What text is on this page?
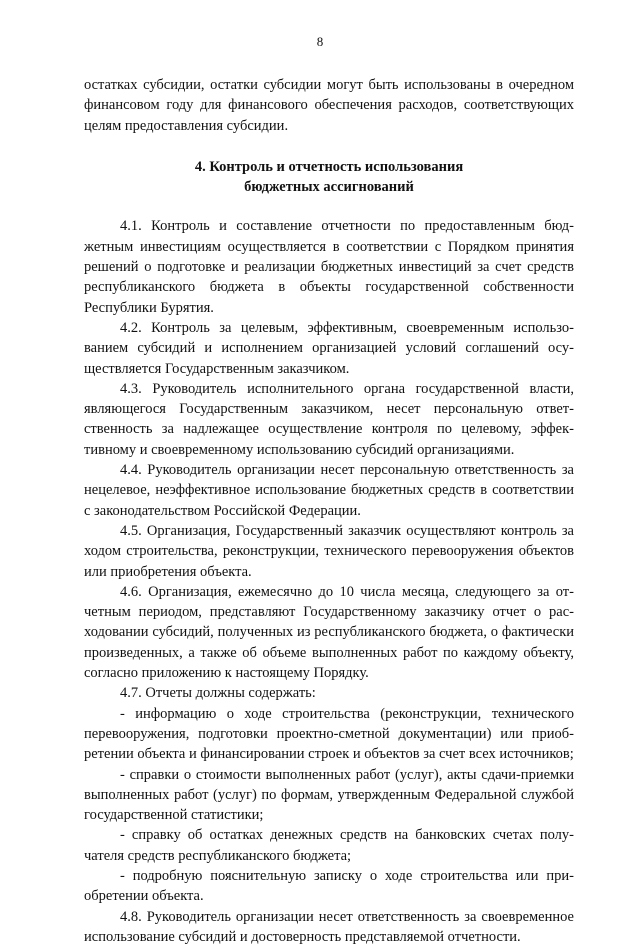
8

остатках субсидии, остатки субсидии могут быть использованы в очередном финансовом году для финансового обеспечения расходов, соответствующих целям предоставления субсидии.

4. Контроль и отчетность использования
бюджетных ассигнований

4.1. Контроль и составление отчетности по предоставленным бюджетным инвестициям осуществляется в соответствии с Порядком принятия решений о подготовке и реализации бюджетных инвестиций за счет средств республиканского бюджета в объекты государственной собственности Республики Бурятия.

4.2. Контроль за целевым, эффективным, своевременным использованием субсидий и исполнением организацией условий соглашений осуществляется Государственным заказчиком.

4.3. Руководитель исполнительного органа государственной власти, являющегося Государственным заказчиком, несет персональную ответственность за надлежащее осуществление контроля по целевому, эффективному и своевременному использованию субсидий организациями.

4.4. Руководитель организации несет персональную ответственность за нецелевое, неэффективное использование бюджетных средств в соответствии с законодательством Российской Федерации.

4.5. Организация, Государственный заказчик осуществляют контроль за ходом строительства, реконструкции, технического перевооружения объектов или приобретения объекта.

4.6. Организация, ежемесячно до 10 числа месяца, следующего за отчетным периодом, представляют Государственному заказчику отчет о расходовании субсидий, полученных из республиканского бюджета, о фактически произведенных, а также об объеме выполненных работ по каждому объекту, согласно приложению к настоящему Порядку.

4.7. Отчеты должны содержать:

- информацию о ходе строительства (реконструкции, технического перевооружения, подготовки проектно-сметной документации) или приобретении объекта и финансировании строек и объектов за счет всех источников;

- справки о стоимости выполненных работ (услуг), акты сдачи-приемки выполненных работ (услуг) по формам, утвержденным Федеральной службой государственной статистики;

- справку об остатках денежных средств на банковских счетах получателя средств республиканского бюджета;

- подробную пояснительную записку о ходе строительства или приобретении объекта.

4.8. Руководитель организации несет ответственность за своевременное использование субсидий и достоверность представляемой отчетности.
